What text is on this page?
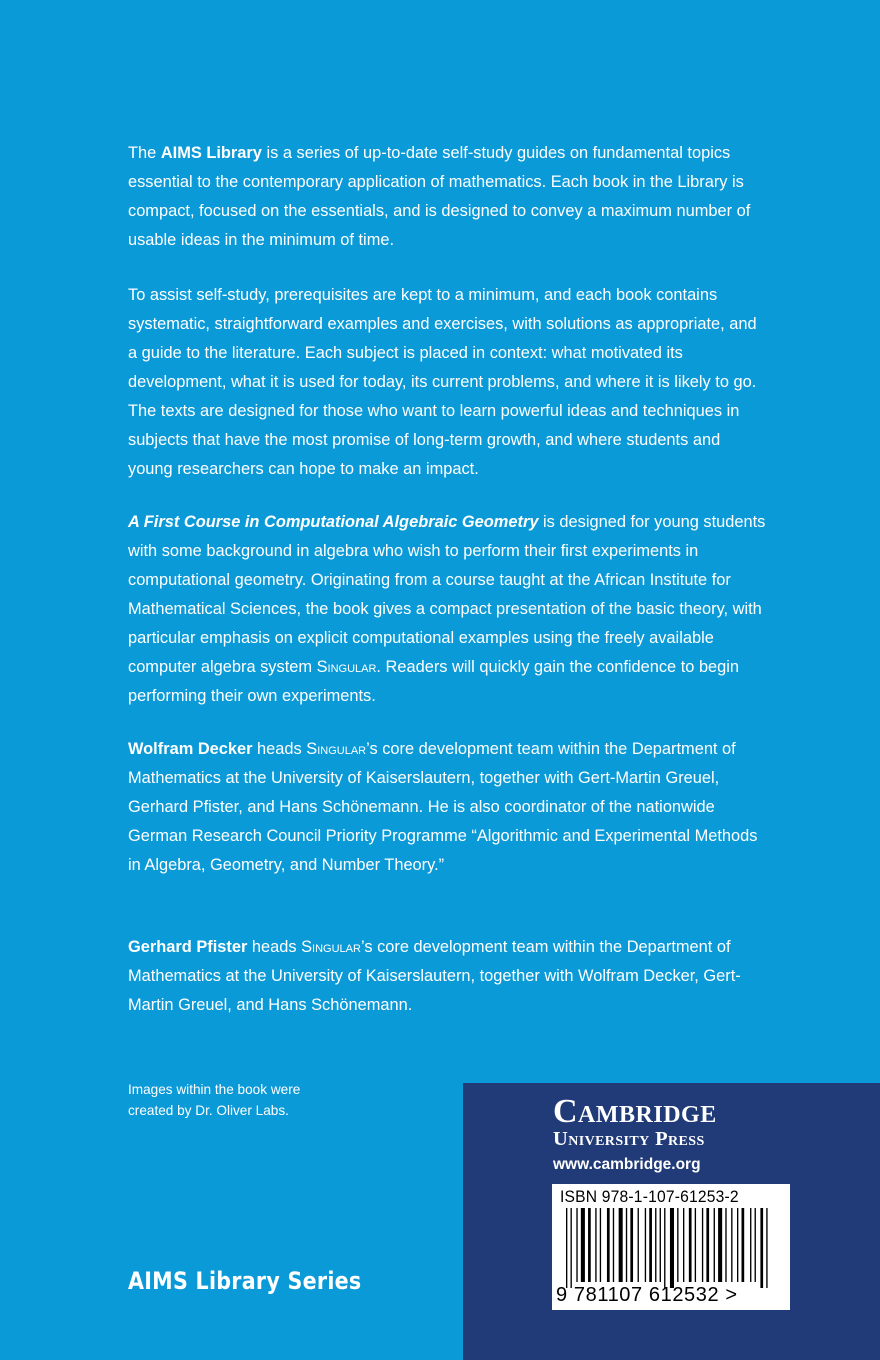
The AIMS Library is a series of up-to-date self-study guides on fundamental topics essential to the contemporary application of mathematics. Each book in the Library is compact, focused on the essentials, and is designed to convey a maximum number of usable ideas in the minimum of time.

To assist self-study, prerequisites are kept to a minimum, and each book contains systematic, straightforward examples and exercises, with solutions as appropriate, and a guide to the literature. Each subject is placed in context: what motivated its development, what it is used for today, its current problems, and where it is likely to go. The texts are designed for those who want to learn powerful ideas and techniques in subjects that have the most promise of long-term growth, and where students and young researchers can hope to make an impact.

A First Course in Computational Algebraic Geometry is designed for young students with some background in algebra who wish to perform their first experiments in computational geometry. Originating from a course taught at the African Institute for Mathematical Sciences, the book gives a compact presentation of the basic theory, with particular emphasis on explicit computational examples using the freely available computer algebra system Singular. Readers will quickly gain the confidence to begin performing their own experiments.
Wolfram Decker heads Singular’s core development team within the Department of Mathematics at the University of Kaiserslautern, together with Gert-Martin Greuel, Gerhard Pfister, and Hans Schönemann. He is also coordinator of the nationwide German Research Council Priority Programme “Algorithmic and Experimental Methods in Algebra, Geometry, and Number Theory.”
Gerhard Pfister heads Singular’s core development team within the Department of Mathematics at the University of Kaiserslautern, together with Wolfram Decker, Gert-Martin Greuel, and Hans Schönemann.
Images within the book were
created by Dr. Oliver Labs.
AIMS Library Series
Cambridge
University Press
www.cambridge.org
ISBN 978-1-107-61253-2
9 781107 612532 >
